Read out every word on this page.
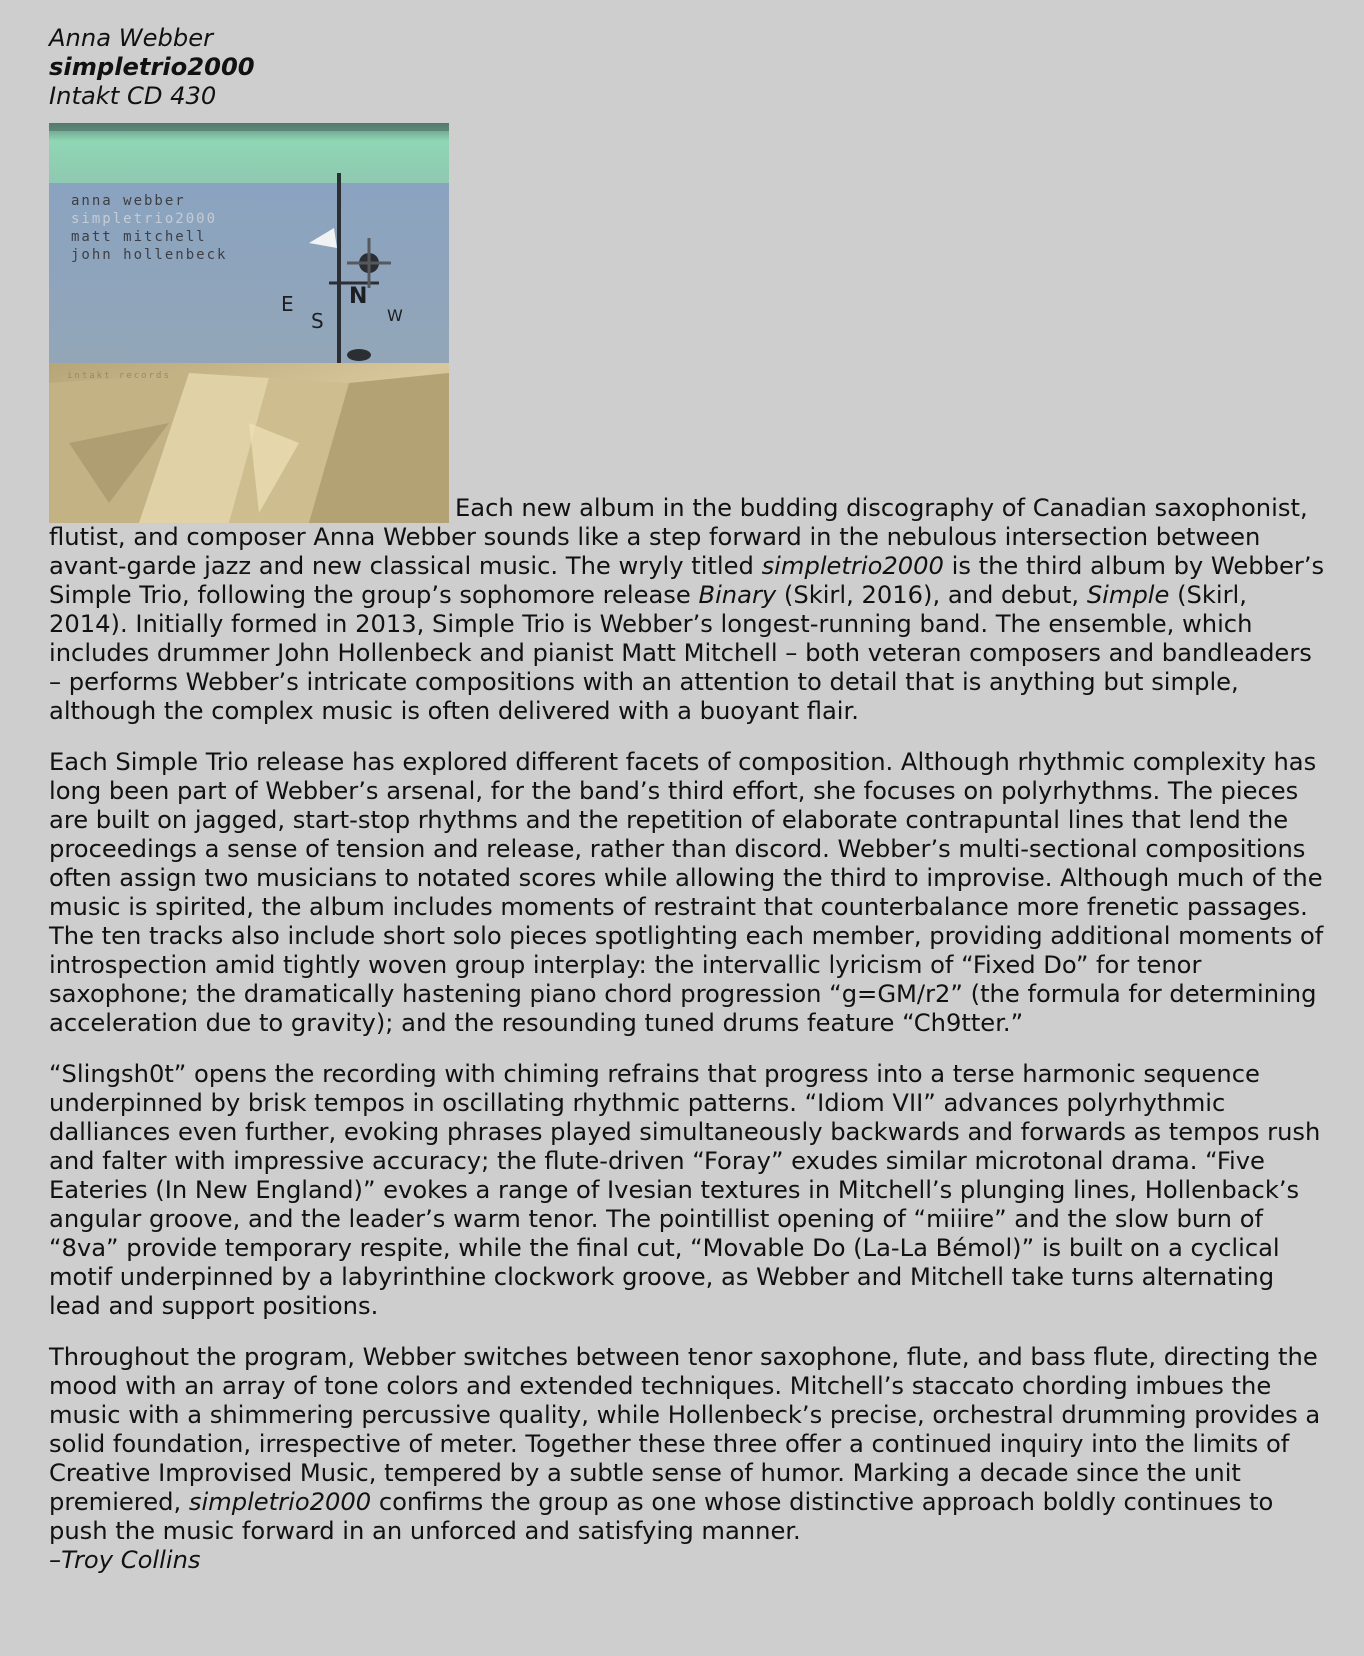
Anna Webber
simpletrio2000
Intakt CD 430

E
S
N
W
anna webber
simpletrio2000
matt mitchell
john hollenbeck
intakt records
Each new album in the budding discography of Canadian saxophonist, flutist, and composer Anna Webber sounds like a step forward in the nebulous intersection between avant-garde jazz and new classical music. The wryly titled simpletrio2000 is the third album by Webber’s Simple Trio, following the group’s sophomore release Binary (Skirl, 2016), and debut, Simple (Skirl, 2014). Initially formed in 2013, Simple Trio is Webber’s longest-running band. The ensemble, which includes drummer John Hollenbeck and pianist Matt Mitchell – both veteran composers and bandleaders – performs Webber’s intricate compositions with an attention to detail that is anything but simple, although the complex music is often delivered with a buoyant flair.

Each Simple Trio release has explored different facets of composition. Although rhythmic complexity has long been part of Webber’s arsenal, for the band’s third effort, she focuses on polyrhythms. The pieces are built on jagged, start-stop rhythms and the repetition of elaborate contrapuntal lines that lend the proceedings a sense of tension and release, rather than discord. Webber’s multi-sectional compositions often assign two musicians to notated scores while allowing the third to improvise. Although much of the music is spirited, the album includes moments of restraint that counterbalance more frenetic passages. The ten tracks also include short solo pieces spotlighting each member, providing additional moments of introspection amid tightly woven group interplay: the intervallic lyricism of “Fixed Do” for tenor saxophone; the dramatically hastening piano chord progression “g=GM/r2” (the formula for determining acceleration due to gravity); and the resounding tuned drums feature “Ch9tter.”

“Slingsh0t” opens the recording with chiming refrains that progress into a terse harmonic sequence underpinned by brisk tempos in oscillating rhythmic patterns. “Idiom VII” advances polyrhythmic dalliances even further, evoking phrases played simultaneously backwards and forwards as tempos rush and falter with impressive accuracy; the flute-driven “Foray” exudes similar microtonal drama. “Five Eateries (In New England)” evokes a range of Ivesian textures in Mitchell’s plunging lines, Hollenback’s angular groove, and the leader’s warm tenor. The pointillist opening of “miiire” and the slow burn of “8va” provide temporary respite, while the final cut, “Movable Do (La-La Bémol)” is built on a cyclical motif underpinned by a labyrinthine clockwork groove, as Webber and Mitchell take turns alternating lead and support positions.

Throughout the program, Webber switches between tenor saxophone, flute, and bass flute, directing the mood with an array of tone colors and extended techniques. Mitchell’s staccato chording imbues the music with a shimmering percussive quality, while Hollenbeck’s precise, orchestral drumming provides a solid foundation, irrespective of meter. Together these three offer a continued inquiry into the limits of Creative Improvised Music, tempered by a subtle sense of humor. Marking a decade since the unit premiered, simpletrio2000 confirms the group as one whose distinctive approach boldly continues to push the music forward in an unforced and satisfying manner.
–Troy Collins
